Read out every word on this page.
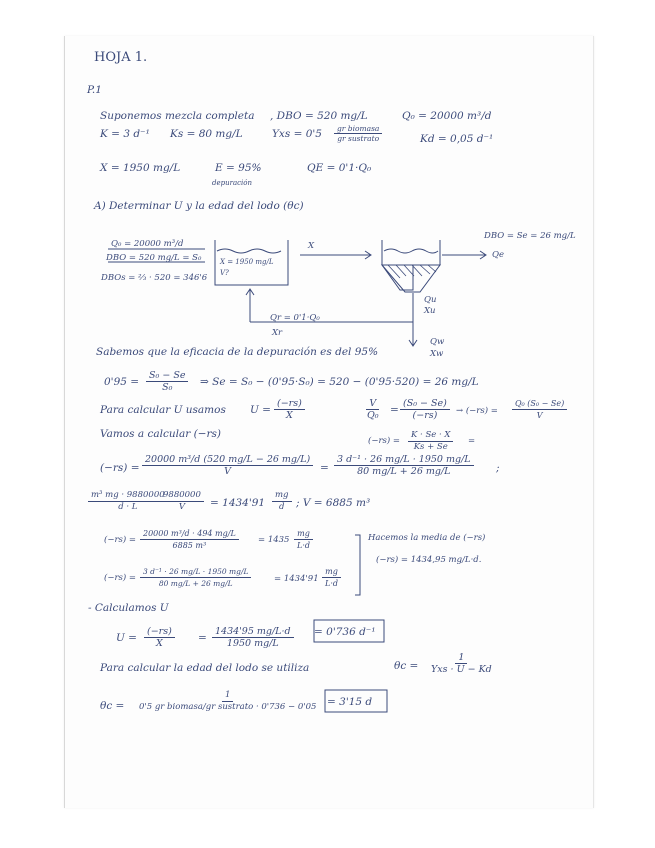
HOJA 1.
P.1
Suponemos mezcla completa , DBO = 520 mg/L	Q₀ = 20000 m³/d
K = 3 d⁻¹ Ks = 80 mg/L	Yxs = 0'5	gr biomasa
gr sustrato	Kd = 0,05 d⁻¹
X = 1950 mg/L	E = 95%
depuración
QE = 0'1·Q₀
A) Determinar U y la edad del lodo (θc)
Q₀ = 20000 m³/d
DBO = 520 mg/L = S₀
DBOs = ⅔ · 520 = 346'6
X = 1950 mg/L
V?
X
DBO = Se = 26 mg/L
Qe
Qu
Xu
Qr = 0'1·Q₀
Xr
Qw
Xw
Sabemos que la eficacia de la depuración es del 95%
$0'95 = \frac{\text{S₀ − Se}}{\text{S₀}}$ ⇒ Se = S₀ − (0'95·S₀) = 520 − (0'95·520) = 26 mg/L
Para calcular U usamos $U = \frac{(-rs)}{X}$	$\frac{V}{\text{Q₀}} = \frac{\text{(S₀ − Se)}}{(-rs)} \to (-rs) = \frac{\text{Q₀ (S₀ − Se)}}{V}$
Vamos a calcular (−rs)
$(-rs) = \frac{K \cdot Se \cdot X}{Ks + Se}$ =
$(-rs) = \frac{\text{20000 m³/d (520 mg/L − 26 mg/L)}}{V} = \frac{\text{3 d⁻¹ · 26 mg/L · 1950 mg/L}}{80 mg/L + 26 mg/L}$ ;
$\frac{\text{m³ mg · 9880000}}{d \cdot L}$
$\frac{9880000}{V} = 1434'91 \frac{mg}{d}$ ; V = 6885 m³
$(-rs) = \frac{\text{20000 m³/d · 494 mg/L}}{\text{6885 m³}} = 1435 \frac{mg}{L\cdot d}$
$(-rs) = \frac{\text{3 d⁻¹ · 26 mg/L · 1950 mg/L}}{80 mg/L + 26 mg/L}$	= $1434'91 \frac{mg}{L\cdot d}$
Hacemos la media de (−rs)
(−rs) = 1434,95 mg/L·d.
- Calculamos U
$U = \frac{(-rs)}{X} = \frac{1434'95 mg/L\cdot d}{1950 mg/L} = 0'736$ d⁻¹
Para calcular la edad del lodo se utiliza	θc =
1
Yxs · U − Kd
θc =
1
0'5 gr biomasa/gr sustrato · 0'736 − 0'05 = 3'15 d
